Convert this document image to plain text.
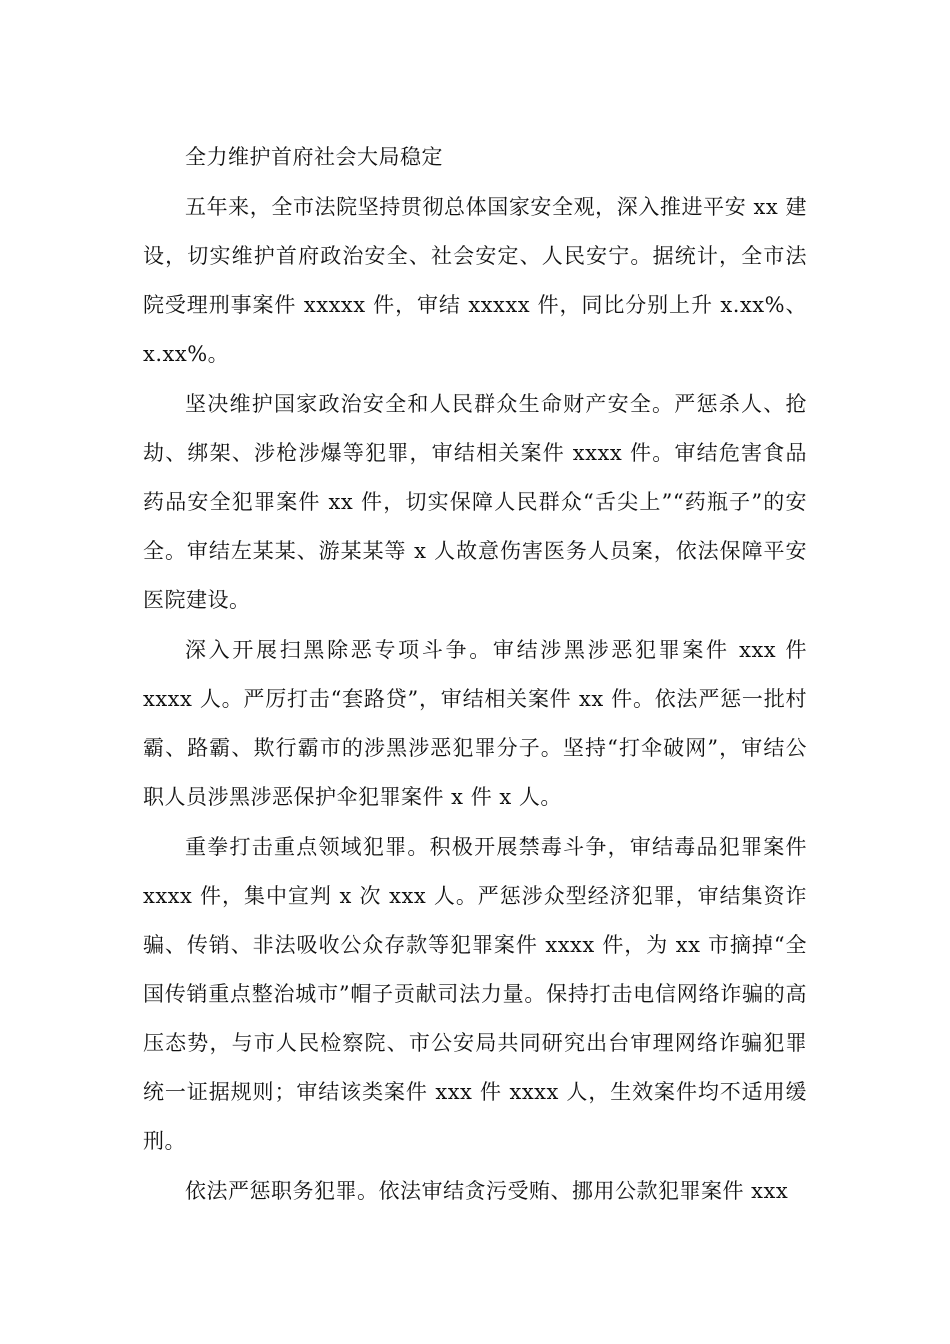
全力维护首府社会大局稳定

五年来，全市法院坚持贯彻总体国家安全观，深入推进平安 xx 建设，切实维护首府政治安全、社会安定、人民安宁。据统计，全市法院受理刑事案件 xxxxx 件，审结 xxxxx 件，同比分别上升 x.xx%、x.xx%。

坚决维护国家政治安全和人民群众生命财产安全。严惩杀人、抢劫、绑架、涉枪涉爆等犯罪，审结相关案件 xxxx 件。审结危害食品药品安全犯罪案件 xx 件，切实保障人民群众“舌尖上”“药瓶子”的安全。审结左某某、游某某等 x 人故意伤害医务人员案，依法保障平安医院建设。

深入开展扫黑除恶专项斗争。审结涉黑涉恶犯罪案件 xxx 件 xxxx 人。严厉打击“套路贷”，审结相关案件 xx 件。依法严惩一批村霸、路霸、欺行霸市的涉黑涉恶犯罪分子。坚持“打伞破网”，审结公职人员涉黑涉恶保护伞犯罪案件 x 件 x 人。

重拳打击重点领域犯罪。积极开展禁毒斗争，审结毒品犯罪案件 xxxx 件，集中宣判 x 次 xxx 人。严惩涉众型经济犯罪，审结集资诈骗、传销、非法吸收公众存款等犯罪案件 xxxx 件，为 xx 市摘掉“全国传销重点整治城市”帽子贡献司法力量。保持打击电信网络诈骗的高压态势，与市人民检察院、市公安局共同研究出台审理网络诈骗犯罪统一证据规则；审结该类案件 xxx 件 xxxx 人，生效案件均不适用缓刑。

依法严惩职务犯罪。依法审结贪污受贿、挪用公款犯罪案件 xxx
